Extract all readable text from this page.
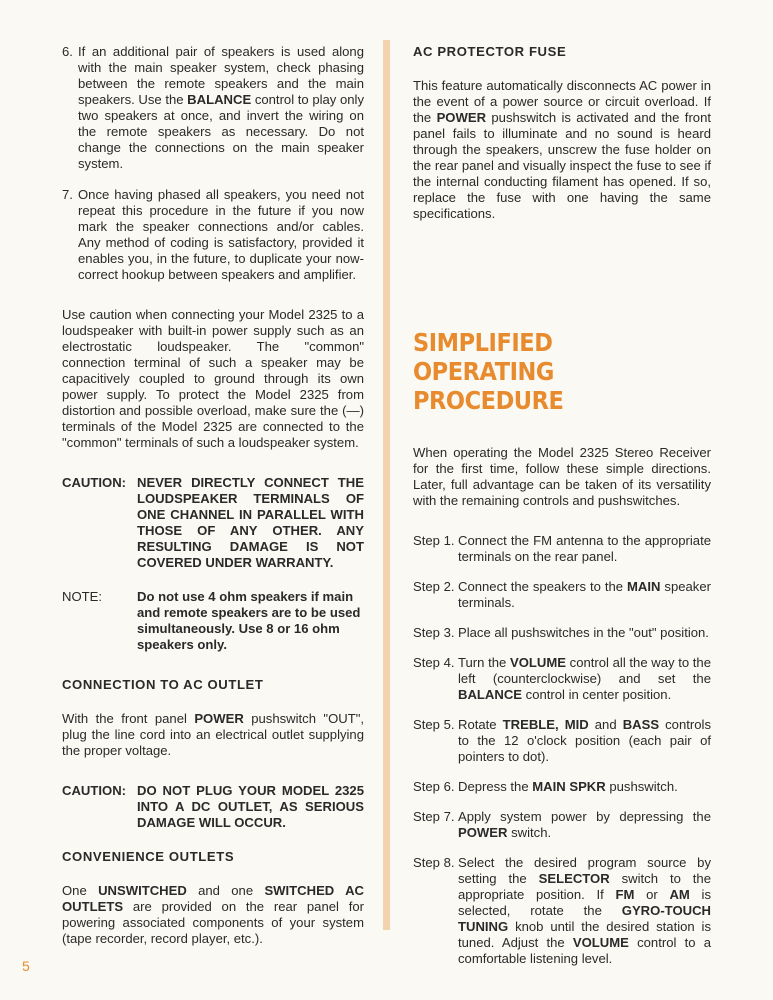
6. If an additional pair of speakers is used along with the main speaker system, check phasing between the remote speakers and the main speakers. Use the BALANCE control to play only two speakers at once, and invert the wiring on the remote speakers as necessary. Do not change the connections on the main speaker system.
7. Once having phased all speakers, you need not repeat this procedure in the future if you now mark the speaker connections and/or cables. Any method of coding is satisfactory, provided it enables you, in the future, to duplicate your now-correct hookup between speakers and amplifier.

Use caution when connecting your Model 2325 to a loudspeaker with built-in power supply such as an electrostatic loudspeaker. The "common" connection terminal of such a speaker may be capacitively coupled to ground through its own power supply. To protect the Model 2325 from distortion and possible overload, make sure the (—) terminals of the Model 2325 are connected to the "common" terminals of such a loudspeaker system.

CAUTION: NEVER DIRECTLY CONNECT THE LOUDSPEAKER TERMINALS OF ONE CHANNEL IN PARALLEL WITH THOSE OF ANY OTHER. ANY RESULTING DAMAGE IS NOT COVERED UNDER WARRANTY.
NOTE:	Do not use 4 ohm speakers if main and remote speakers are to be used simultaneously. Use 8 or 16 ohm speakers only.
CONNECTION TO AC OUTLET

With the front panel POWER pushswitch "OUT", plug the line cord into an electrical outlet supplying the proper voltage.

CAUTION: DO NOT PLUG YOUR MODEL 2325 INTO A DC OUTLET, AS SERIOUS DAMAGE WILL OCCUR.
CONVENIENCE OUTLETS

One UNSWITCHED and one SWITCHED AC OUTLETS are provided on the rear panel for powering associated components of your system (tape recorder, record player, etc.).

AC PROTECTOR FUSE

This feature automatically disconnects AC power in the event of a power source or circuit overload. If the POWER pushswitch is activated and the front panel fails to illuminate and no sound is heard through the speakers, unscrew the fuse holder on the rear panel and visually inspect the fuse to see if the internal conducting filament has opened. If so, replace the fuse with one having the same specifications.

SIMPLIFIED OPERATING
PROCEDURE

When operating the Model 2325 Stereo Receiver for the first time, follow these simple directions. Later, full advantage can be taken of its versatility with the remaining controls and pushswitches.

Step 1. Connect the FM antenna to the appropriate terminals on the rear panel.
Step 2. Connect the speakers to the MAIN speaker terminals.
Step 3. Place all pushswitches in the "out" position.
Step 4. Turn the VOLUME control all the way to the left (counterclockwise) and set the BALANCE control in center position.
Step 5. Rotate TREBLE, MID and BASS controls to the 12 o'clock position (each pair of pointers to dot).
Step 6. Depress the MAIN SPKR pushswitch.
Step 7. Apply system power by depressing the POWER switch.
Step 8. Select the desired program source by setting the SELECTOR switch to the appropriate position. If FM or AM is selected, rotate the GYRO-TOUCH TUNING knob until the desired station is tuned. Adjust the VOLUME control to a comfortable listening level.
5
